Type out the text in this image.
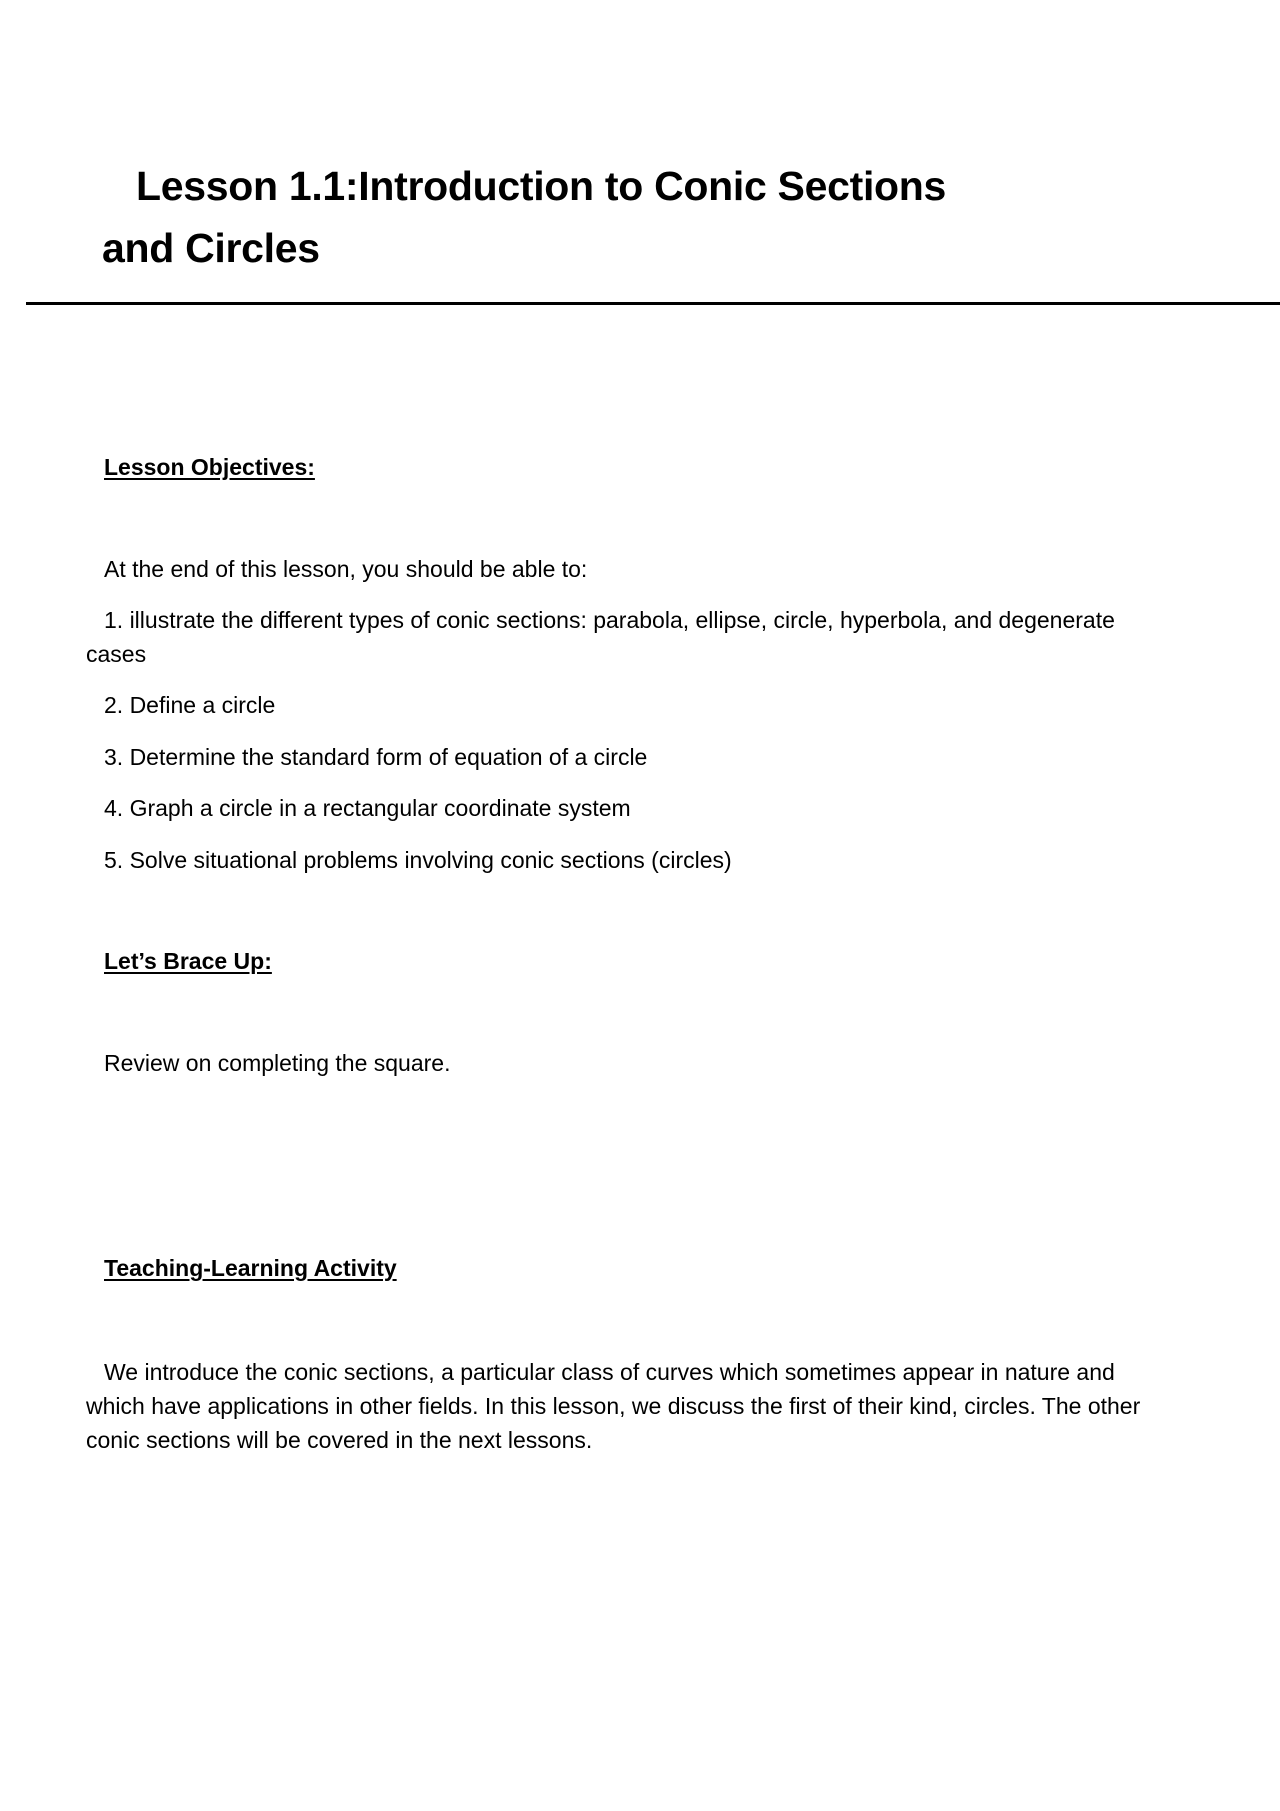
Lesson 1.1:Introduction to Conic Sections and Circles

Lesson Objectives:

At the end of this lesson, you should be able to:

1. illustrate the different types of conic sections: parabola, ellipse, circle, hyperbola, and degenerate cases

2. Define a circle

3. Determine the standard form of equation of a circle

4. Graph a circle in a rectangular coordinate system

5. Solve situational problems involving conic sections (circles)

Let’s Brace Up:

Review on completing the square.

Teaching-Learning Activity

We introduce the conic sections, a particular class of curves which sometimes appear in nature and which have applications in other fields. In this lesson, we discuss the first of their kind, circles. The other conic sections will be covered in the next lessons.
